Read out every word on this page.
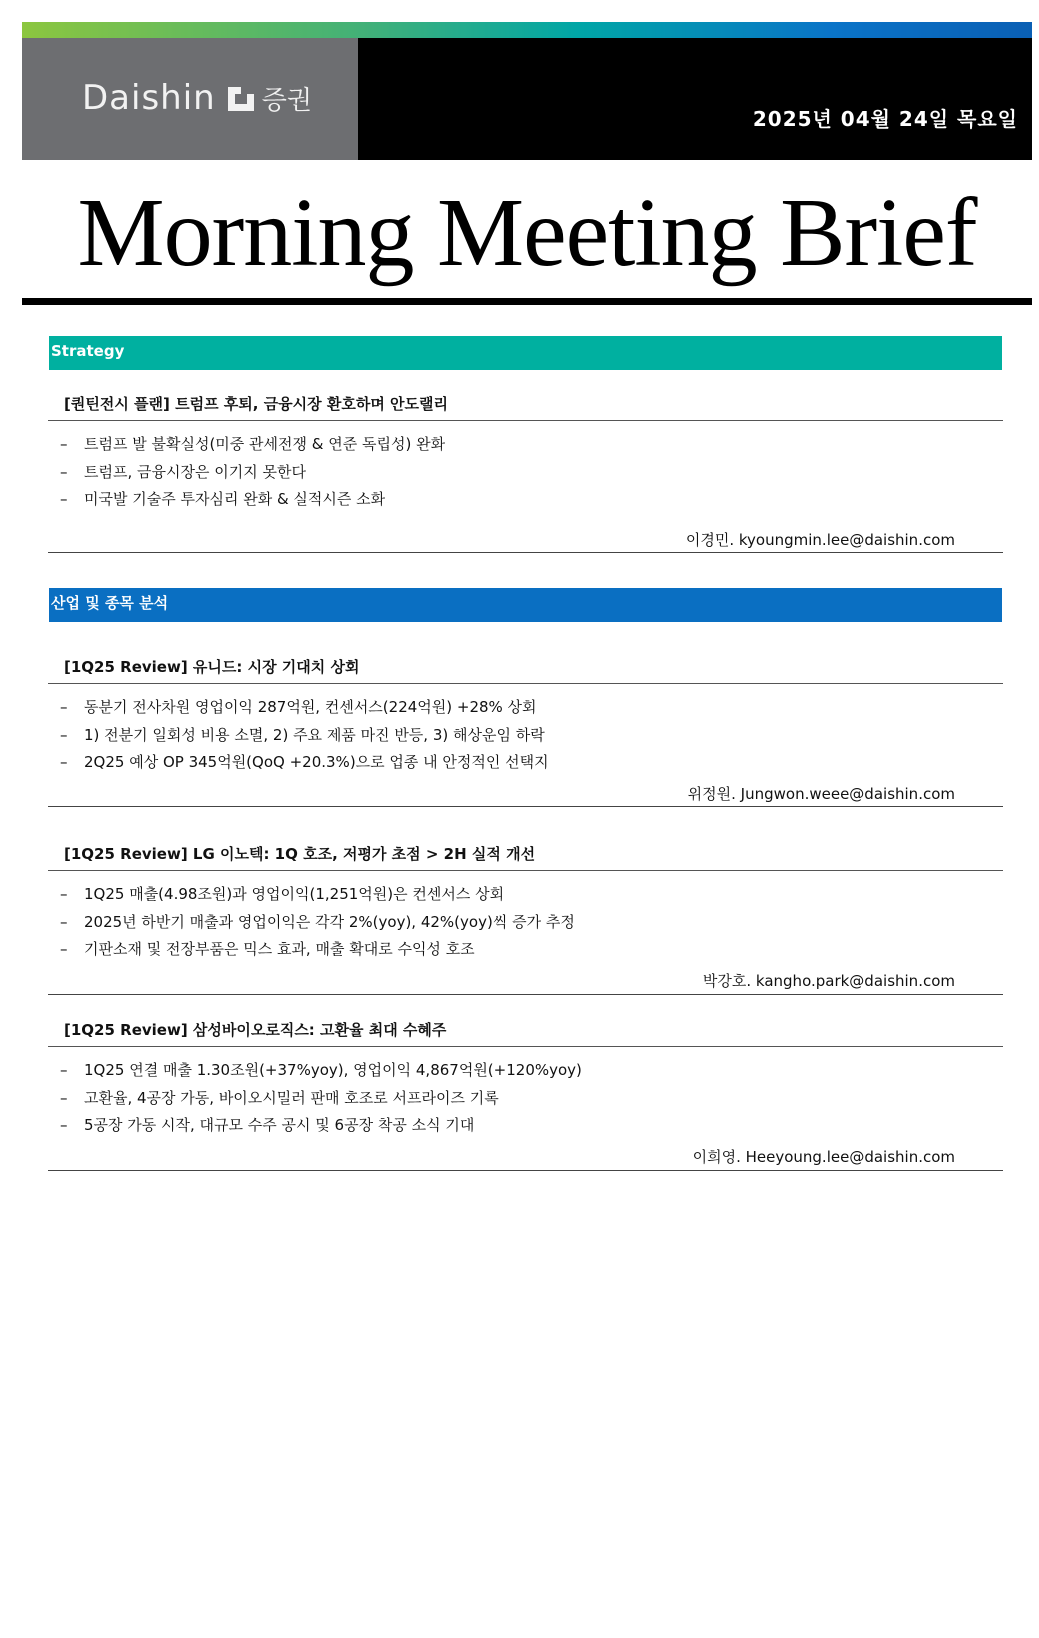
Daishin 증권
2025년 04월 24일 목요일
Morning Meeting Brief
Strategy
[퀀틴전시 플랜] 트럼프 후퇴, 금융시장 환호하며 안도랠리
– 트럼프 발 불확실성(미중 관세전쟁 & 연준 독립성) 완화
– 트럼프, 금융시장은 이기지 못한다
– 미국발 기술주 투자심리 완화 & 실적시즌 소화
이경민. kyoungmin.lee@daishin.com
산업 및 종목 분석
[1Q25 Review] 유니드: 시장 기대치 상회
– 동분기 전사차원 영업이익 287억원, 컨센서스(224억원) +28% 상회
– 1) 전분기 일회성 비용 소멸, 2) 주요 제품 마진 반등, 3) 해상운임 하락
– 2Q25 예상 OP 345억원(QoQ +20.3%)으로 업종 내 안정적인 선택지
위정원. Jungwon.weee@daishin.com
[1Q25 Review] LG 이노텍: 1Q 호조, 저평가 초점 > 2H 실적 개선
– 1Q25 매출(4.98조원)과 영업이익(1,251억원)은 컨센서스 상회
– 2025년 하반기 매출과 영업이익은 각각 2%(yoy), 42%(yoy)씩 증가 추정
– 기판소재 및 전장부품은 믹스 효과, 매출 확대로 수익성 호조
박강호. kangho.park@daishin.com
[1Q25 Review] 삼성바이오로직스: 고환율 최대 수혜주
– 1Q25 연결 매출 1.30조원(+37%yoy), 영업이익 4,867억원(+120%yoy)
– 고환율, 4공장 가동, 바이오시밀러 판매 호조로 서프라이즈 기록
– 5공장 가동 시작, 대규모 수주 공시 및 6공장 착공 소식 기대
이희영. Heeyoung.lee@daishin.com
